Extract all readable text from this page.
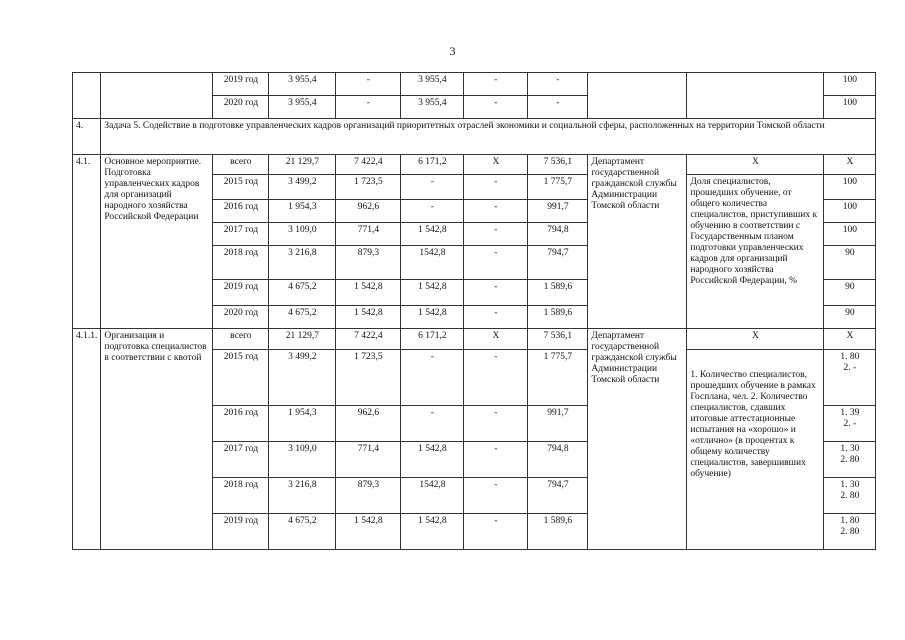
3
		2019 год	3 955,4	-	3 955,4	-	-			100
		2020 год	3 955,4	-	3 955,4	-	-			100
4.	Задача 5. Содействие в подготовке управленческих кадров организаций приоритетных отраслей экономики и социальной сферы, расположенных на территории Томской области									
4.1.	Основное мероприятие. Подготовка управленческих кадров для организаций народного хозяйства Российской Федерации	всего	21 129,7	7 422,4	6 171,2	Х	7 536,1	Департамент государственной гражданской службы Администрации Томской области	Х	Х
		2015 год	3 499,2	1 723,5	-	-	1 775,7		Доля специалистов, прошедших обучение, от общего количества специалистов, приступивших к обучению в соответствии с Государственным планом подготовки управленческих кадров для организаций народного хозяйства Российской Федерации, %	100
		2016 год	1 954,3	962,6	-	-	991,7			100
		2017 год	3 109,0	771,4	1 542,8	-	794,8			100
		2018 год	3 216,8	879,3	1542,8	-	794,7			90
		2019 год	4 675,2	1 542,8	1 542,8	-	1 589,6			90
		2020 год	4 675,2	1 542,8	1 542,8	-	1 589,6			90
4.1.1.	Организация и подготовка специалистов в соответствии с квотой	всего	21 129,7	7 422,4	6 171,2	Х	7 536,1	Департамент государственной гражданской службы Администрации Томской области	Х	Х
		2015 год	3 499,2	1 723,5	-	-	1 775,7		1. Количество специалистов, прошедших обучение в рамках Госплана, чел. 2. Количество специалистов, сдавших итоговые аттестационные испытания на «хорошо» и «отлично» (в процентах к общему количеству специалистов, завершивших обучение)	1. 80
2. -

		2016 год	1 954,3	962,6	-	-	991,7			1. 39
2. -

		2017 год	3 109,0	771,4	1 542,8	-	794,8			1. 30
2. 80

		2018 год	3 216,8	879,3	1542,8	-	794,7			1. 30
2. 80

		2019 год	4 675,2	1 542,8	1 542,8	-	1 589,6			1. 80
2. 80
